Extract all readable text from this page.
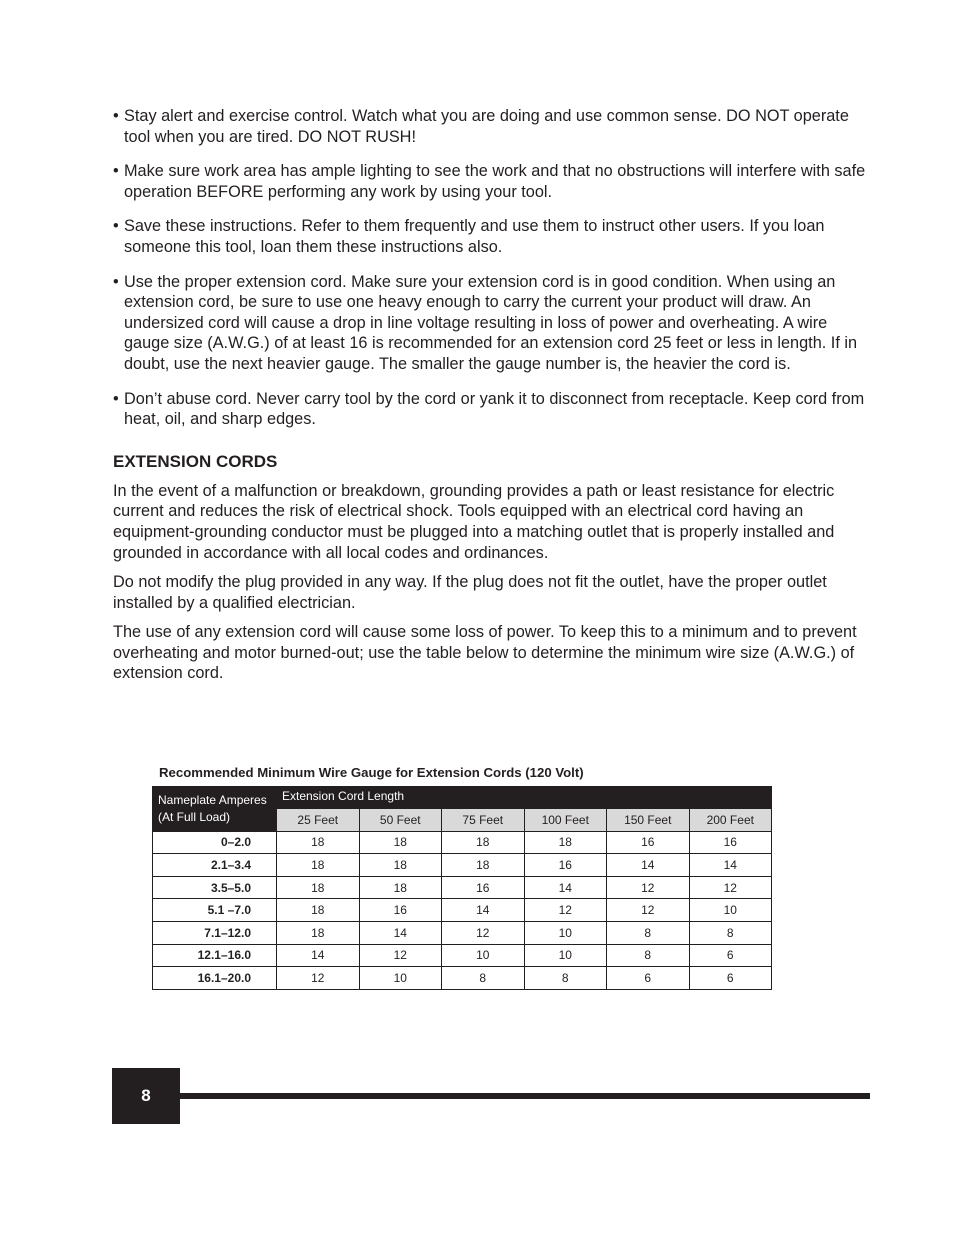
• Stay alert and exercise control. Watch what you are doing and use common sense. DO NOT operate tool when you are tired. DO NOT RUSH!
• Make sure work area has ample lighting to see the work and that no obstructions will interfere with safe operation BEFORE performing any work by using your tool.
• Save these instructions. Refer to them frequently and use them to instruct other users. If you loan someone this tool, loan them these instructions also.
• Use the proper extension cord. Make sure your extension cord is in good condition. When using an extension cord, be sure to use one heavy enough to carry the current your product will draw. An undersized cord will cause a drop in line voltage resulting in loss of power and overheating. A wire gauge size (A.W.G.) of at least 16 is recommended for an extension cord 25 feet or less in length. If in doubt, use the next heavier gauge. The smaller the gauge number is, the heavier the cord is.
• Don’t abuse cord. Never carry tool by the cord or yank it to disconnect from receptacle. Keep cord from heat, oil, and sharp edges.
EXTENSION CORDS

In the event of a malfunction or breakdown, grounding provides a path or least resistance for electric current and reduces the risk of electrical shock. Tools equipped with an electrical cord having an equipment-grounding conductor must be plugged into a matching outlet that is properly installed and grounded in accordance with all local codes and ordinances.

Do not modify the plug provided in any way. If the plug does not fit the outlet, have the proper outlet installed by a qualified electrician.

The use of any extension cord will cause some loss of power. To keep this to a minimum and to prevent overheating and motor burned-out; use the table below to determine the minimum wire size (A.W.G.) of extension cord.

Recommended Minimum Wire Gauge for Extension Cords (120 Volt)
Nameplate Amperes
(At Full Load)	Extension Cord Length					
	25 Feet	50 Feet	75 Feet	100 Feet	150 Feet	200 Feet
0–2.0	18	18	18	18	16	16
2.1–3.4	18	18	18	16	14	14
3.5–5.0	18	18	16	14	12	12
5.1 –7.0	18	16	14	12	12	10
7.1–12.0	18	14	12	10	8	8
12.1–16.0	14	12	10	10	8	6
16.1–20.0	12	10	8	8	6	6
8
